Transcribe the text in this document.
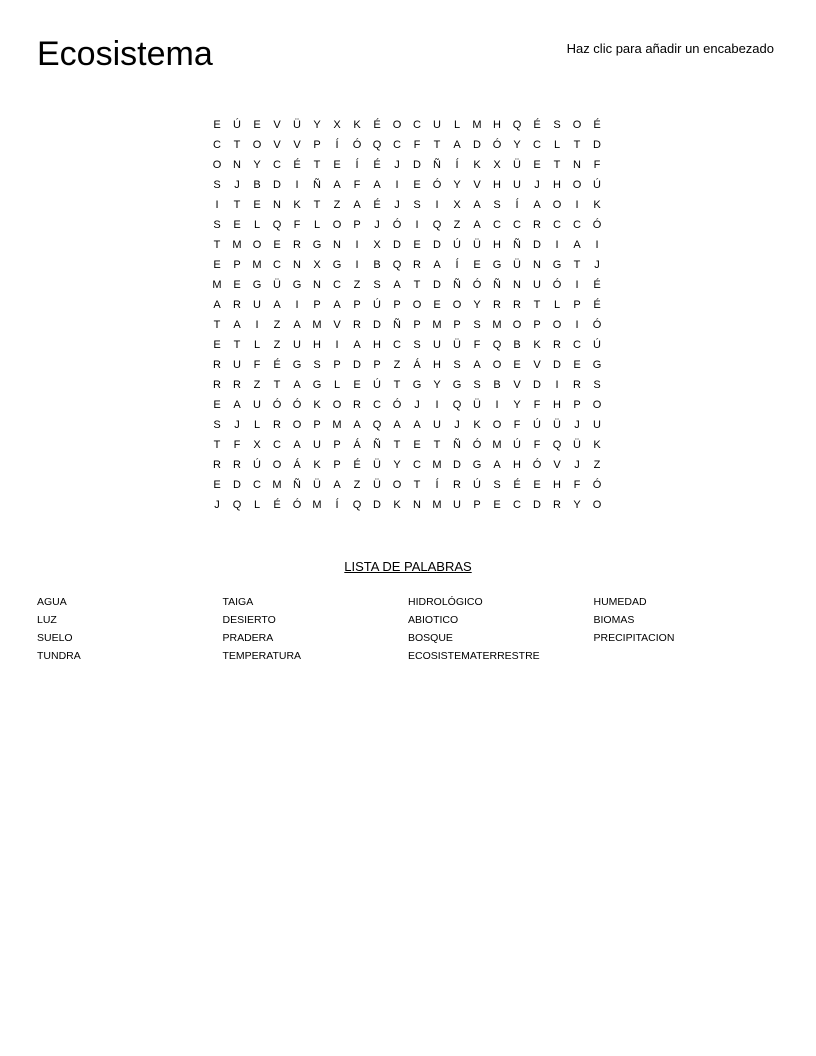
Ecosistema	Haz clic para añadir un encabezado
E	Ú	E	V	Ü	Y	X	K	É	O	C	U	L	M	H	Q	É	S	O	É
C	T	O	V	V	P	Í	Ó	Q	C	F	T	A	D	Ó	Y	C	L	T	D
O	N	Y	C	É	T	E	Í	É	J	D	Ñ	Í	K	X	Ü	E	T	N	F
S	J	B	D	I	Ñ	A	F	A	I	E	Ó	Y	V	H	U	J	H	O	Ú
I	T	E	N	K	T	Z	A	É	J	S	I	X	A	S	Í	A	O	I	K
S	E	L	Q	F	L	O	P	J	Ó	I	Q	Z	A	C	C	R	C	C	Ó
T	M	O	E	R	G	N	I	X	D	E	D	Ú	Ü	H	Ñ	D	I	A	I
E	P	M	C	N	X	G	I	B	Q	R	A	Í	E	G	Ü	N	G	T	J
M	E	G	Ü	G	N	C	Z	S	A	T	D	Ñ	Ó	Ñ	N	U	Ó	I	É
A	R	U	A	I	P	A	P	Ú	P	O	E	O	Y	R	R	T	L	P	É
T	A	I	Z	A	M	V	R	D	Ñ	P	M	P	S	M	O	P	O	I	Ó
E	T	L	Z	U	H	I	A	H	C	S	U	Ü	F	Q	B	K	R	C	Ú
R	U	F	É	G	S	P	D	P	Z	Á	H	S	A	O	E	V	D	E	G
R	R	Z	T	A	G	L	E	Ú	T	G	Y	G	S	B	V	D	I	R	S
E	A	U	Ó	Ó	K	O	R	C	Ó	J	I	Q	Ü	I	Y	F	H	P	O
S	J	L	R	O	P	M	A	Q	A	A	U	J	K	O	F	Ú	Ü	J	U
T	F	X	C	A	U	P	Á	Ñ	T	E	T	Ñ	Ó	M	Ú	F	Q	Ü	K
R	R	Ú	O	Á	K	P	É	Ü	Y	C	M	D	G	A	H	Ó	V	J	Z
E	D	C	M	Ñ	Ü	A	Z	Ü	O	T	Í	R	Ú	S	É	E	H	F	Ó
J	Q	L	É	Ó	M	Í	Q	D	K	N	M	U	P	E	C	D	R	Y	O
LISTA DE PALABRAS
AGUA	TAIGA	HIDROLÓGICO	HUMEDAD
LUZ	DESIERTO	ABIOTICO	BIOMAS
SUELO	PRADERA	BOSQUE	PRECIPITACION
TUNDRA	TEMPERATURA	ECOSISTEMATERRESTRE
